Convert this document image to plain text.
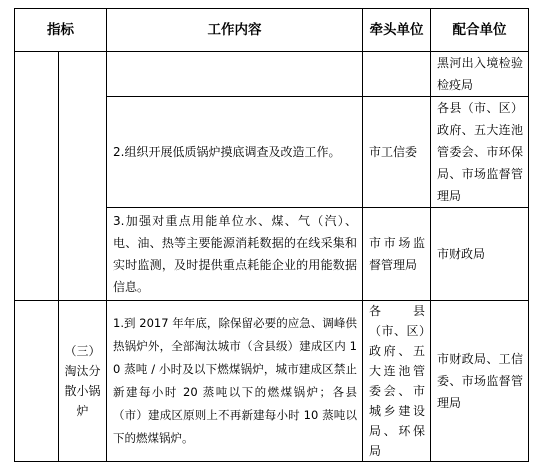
指标		工作内容	牵头单位	配合单位

				黑河出入境检验检疫局

		2.组织开展低质锅炉摸底调查及改造工作。	市工信委	各县（市、区）政府、五大连池管委会、市环保局、市场监督管理局

		3.加强对重点用能单位水、煤、气（汽）、电、油、热等主要能源消耗数据的在线采集和实时监测，及时提供重点耗能企业的用能数据信息。	市市场监督管理局	市财政局

	（三）淘汰分散小锅炉	1.到 2017 年年底，除保留必要的应急、调峰供热锅炉外，全部淘汰城市（含县级）建成区内 10 蒸吨 / 小时及以下燃煤锅炉，城市建成区禁止新建每小时 20 蒸吨以下的燃煤锅炉；各县（市）建成区原则上不再新建每小时 10 蒸吨以下的燃煤锅炉。	各县（市、区）政府、五大连池管委会、市城乡建设局、环保局	市财政局、工信委、市场监督管理局
